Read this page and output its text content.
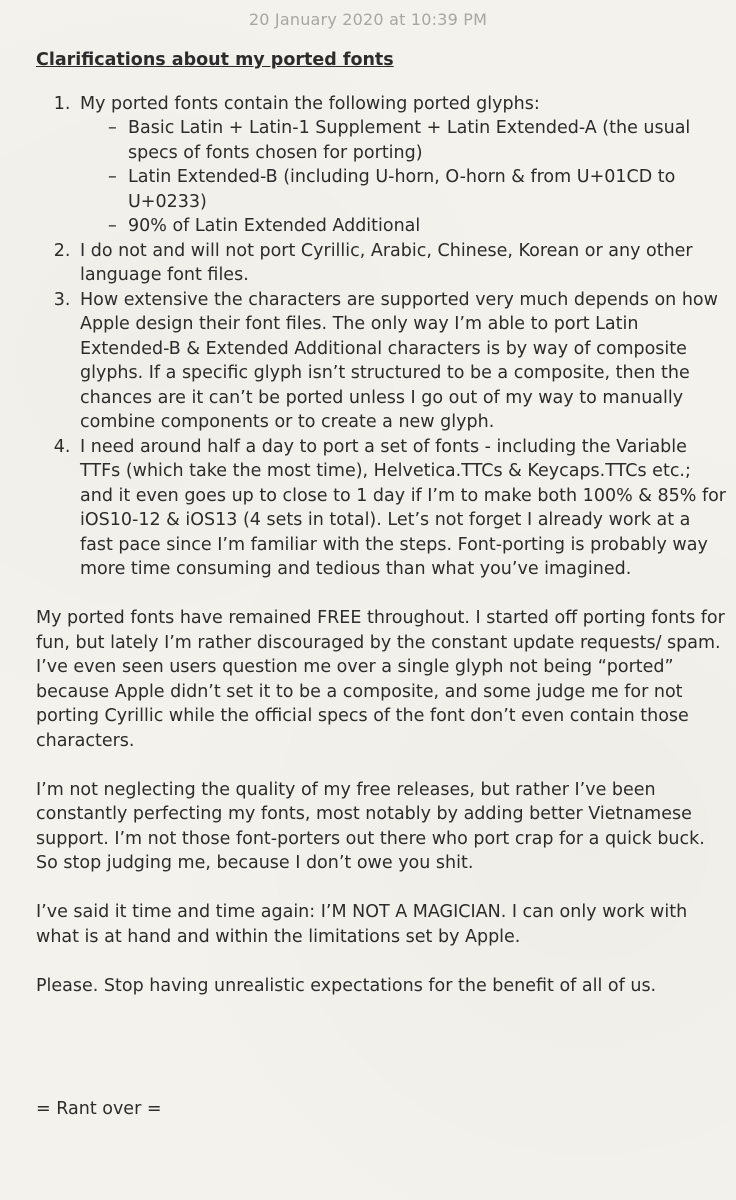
20 January 2020 at 10:39 PM
Clarifications about my ported fonts
1. My ported fonts contain the following ported glyphs:
– Basic Latin + Latin-1 Supplement + Latin Extended-A (the usual specs of fonts chosen for porting)
– Latin Extended-B (including U-horn, O-horn & from U+01CD to U+0233)
– 90% of Latin Extended Additional
2. I do not and will not port Cyrillic, Arabic, Chinese, Korean or any other language font files.
3. How extensive the characters are supported very much depends on how Apple design their font files. The only way I’m able to port Latin Extended-B & Extended Additional characters is by way of composite glyphs. If a specific glyph isn’t structured to be a composite, then the chances are it can’t be ported unless I go out of my way to manually combine components or to create a new glyph.
4. I need around half a day to port a set of fonts - including the Variable TTFs (which take the most time), Helvetica.TTCs & Keycaps.TTCs etc.; and it even goes up to close to 1 day if I’m to make both 100% & 85% for iOS10-12 & iOS13 (4 sets in total). Let’s not forget I already work at a fast pace since I’m familiar with the steps. Font-porting is probably way more time consuming and tedious than what you’ve imagined.

My ported fonts have remained FREE throughout. I started off porting fonts for fun, but lately I’m rather discouraged by the constant update requests/ spam. I’ve even seen users question me over a single glyph not being “ported” because Apple didn’t set it to be a composite, and some judge me for not porting Cyrillic while the official specs of the font don’t even contain those characters.

I’m not neglecting the quality of my free releases, but rather I’ve been constantly perfecting my fonts, most notably by adding better Vietnamese support. I’m not those font-porters out there who port crap for a quick buck. So stop judging me, because I don’t owe you shit.

I’ve said it time and time again: I’M NOT A MAGICIAN. I can only work with what is at hand and within the limitations set by Apple.

Please. Stop having unrealistic expectations for the benefit of all of us.

= Rant over =
